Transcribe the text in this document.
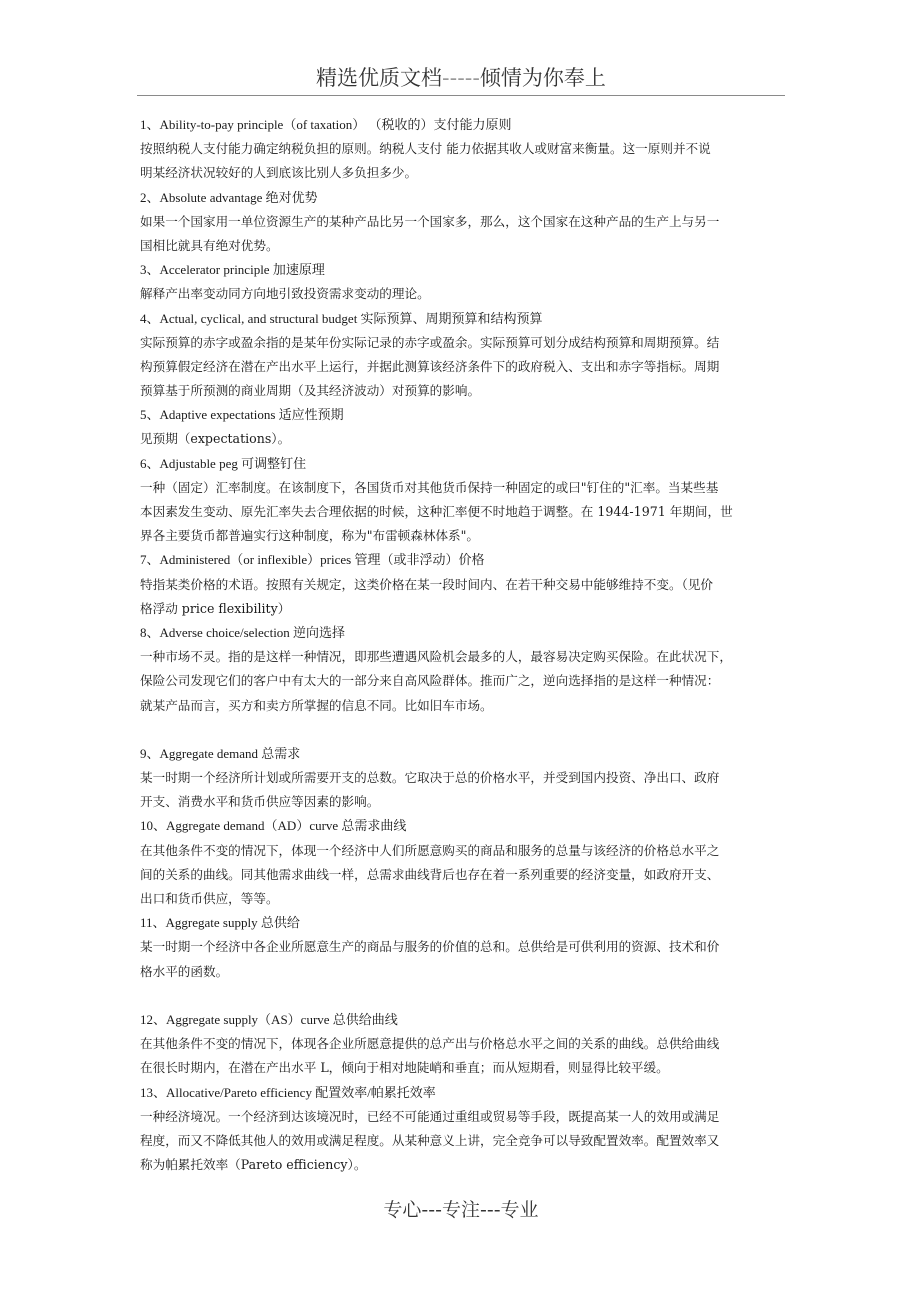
精选优质文档-----倾情为你奉上
1、Ability-to-pay principle（of taxation） （税收的）支付能力原则
按照纳税人支付能力确定纳税负担的原则。纳税人支付 能力依据其收人或财富来衡量。这一原则并不说
明某经济状况较好的人到底该比别人多负担多少。
2、Absolute advantage 绝对优势
如果一个国家用一单位资源生产的某种产品比另一个国家多，那么，这个国家在这种产品的生产上与另一
国相比就具有绝对优势。
3、Accelerator principle 加速原理
解释产出率变动同方向地引致投资需求变动的理论。
4、Actual, cyclical, and structural budget 实际预算、周期预算和结构预算
实际预算的赤字或盈余指的是某年份实际记录的赤字或盈余。实际预算可划分成结构预算和周期预算。结
构预算假定经济在潜在产出水平上运行，并据此测算该经济条件下的政府税入、支出和赤字等指标。周期
预算基于所预测的商业周期（及其经济波动）对预算的影响。
5、Adaptive expectations 适应性预期
见预期（expectations）。
6、Adjustable peg 可调整钉住
一种（固定）汇率制度。在该制度下，各国货币对其他货币保持一种固定的或曰"钉住的"汇率。当某些基
本因素发生变动、原先汇率失去合理依据的时候，这种汇率便不时地趋于调整。在 1944-1971 年期间，世
界各主要货币都普遍实行这种制度，称为"布雷顿森林体系"。
7、Administered（or inflexible）prices 管理（或非浮动）价格
特指某类价格的术语。按照有关规定，这类价格在某一段时间内、在若干种交易中能够维持不变。（见价
格浮动 price flexibility）
8、Adverse choice/selection 逆向选择
一种市场不灵。指的是这样一种情况，即那些遭遇风险机会最多的人，最容易决定购买保险。在此状况下，
保险公司发现它们的客户中有太大的一部分来自高风险群体。推而广之，逆向选择指的是这样一种情况：
就某产品而言，买方和卖方所掌握的信息不同。比如旧车市场。
9、Aggregate demand 总需求
某一时期一个经济所计划或所需要开支的总数。它取决于总的价格水平，并受到国内投资、净出口、政府
开支、消费水平和货币供应等因素的影响。
10、Aggregate demand（AD）curve 总需求曲线
在其他条件不变的情况下，体现一个经济中人们所愿意购买的商品和服务的总量与该经济的价格总水平之
间的关系的曲线。同其他需求曲线一样，总需求曲线背后也存在着一系列重要的经济变量，如政府开支、
出口和货币供应，等等。
11、Aggregate supply 总供给
某一时期一个经济中各企业所愿意生产的商品与服务的价值的总和。总供给是可供利用的资源、技术和价
格水平的函数。
12、Aggregate supply（AS）curve 总供给曲线
在其他条件不变的情况下，体现各企业所愿意提供的总产出与价格总水平之间的关系的曲线。总供给曲线
在很长时期内，在潜在产出水平 L，倾向于相对地陡峭和垂直；而从短期看，则显得比较平缓。
13、Allocative/Pareto efficiency 配置效率/帕累托效率
一种经济境况。一个经济到达该境况时，已经不可能通过重组或贸易等手段，既提高某一人的效用或满足
程度，而又不降低其他人的效用或满足程度。从某种意义上讲，完全竞争可以导致配置效率。配置效率又
称为帕累托效率（Pareto efficiency）。
专心---专注---专业
